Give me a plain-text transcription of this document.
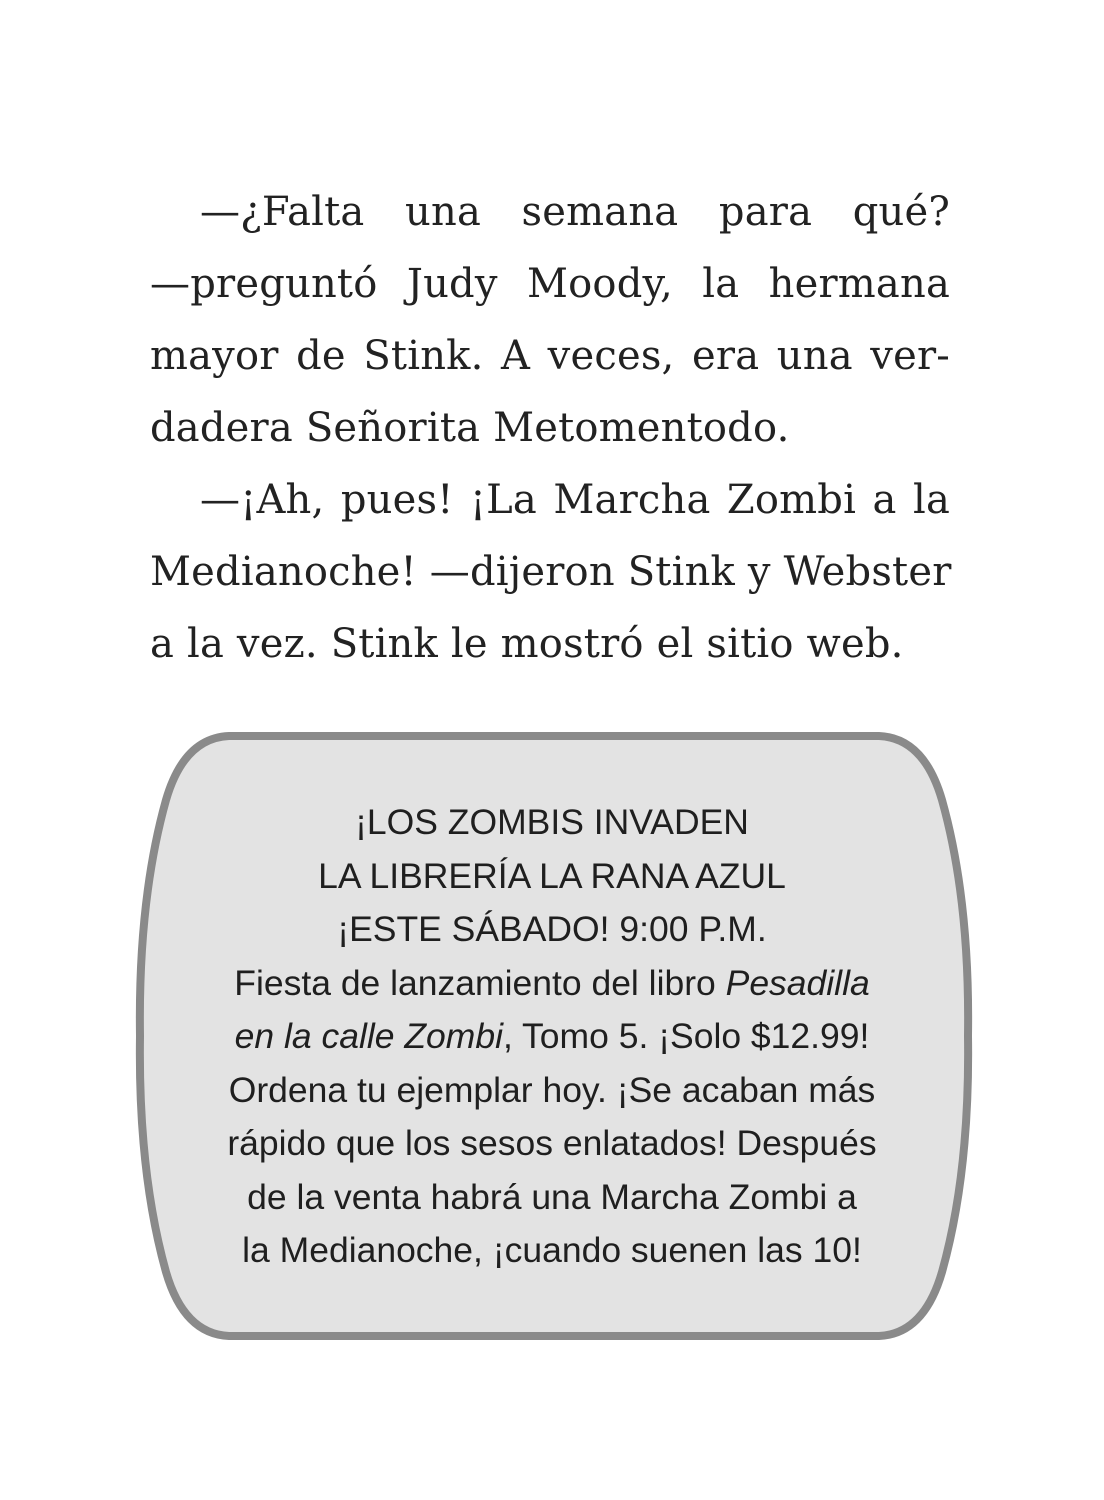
—¿Falta una semana para qué?
—preguntó Judy Moody, la hermana
mayor de Stink. A veces, era una ver-
dadera Señorita Metomentodo.
—¡Ah, pues! ¡La Marcha Zombi a la
Medianoche! —dijeron Stink y Webster
a la vez. Stink le mostró el sitio web.
¡LOS ZOMBIS INVADEN
LA LIBRERÍA LA RANA AZUL
¡ESTE SÁBADO! 9:00 P.M.
Fiesta de lanzamiento del libro Pesadilla
en la calle Zombi, Tomo 5. ¡Solo $12.99!
Ordena tu ejemplar hoy. ¡Se acaban más
rápido que los sesos enlatados! Después
de la venta habrá una Marcha Zombi a
la Medianoche, ¡cuando suenen las 10!
